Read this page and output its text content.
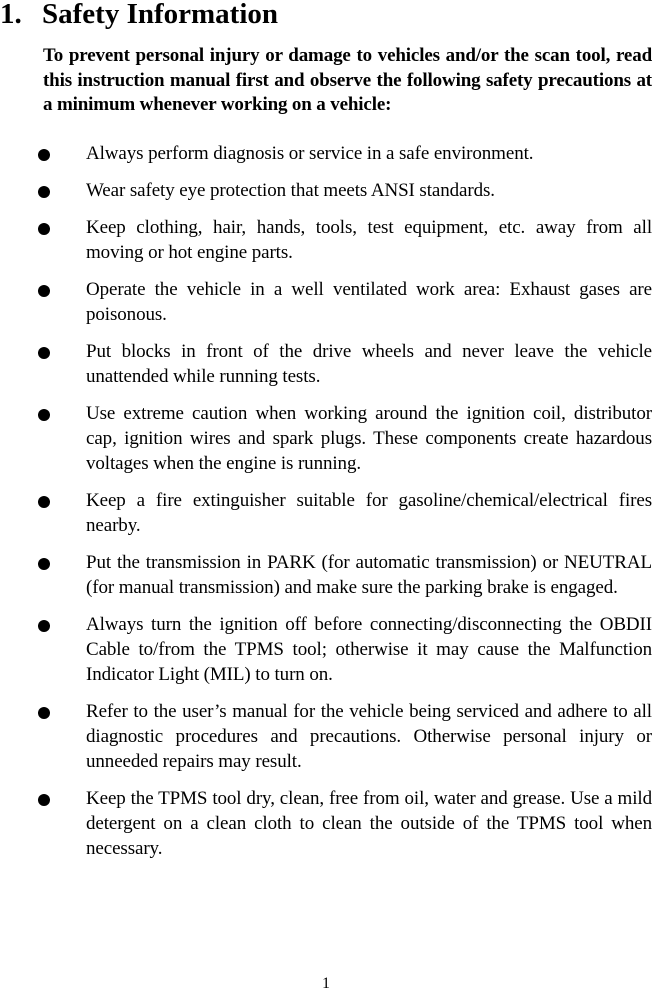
1. Safety Information

To prevent personal injury or damage to vehicles and/or the scan tool, read this instruction manual first and observe the following safety precautions at a minimum whenever working on a vehicle:

Always perform diagnosis or service in a safe environment.
Wear safety eye protection that meets ANSI standards.
Keep clothing, hair, hands, tools, test equipment, etc. away from all moving or hot engine parts.
Operate the vehicle in a well ventilated work area: Exhaust gases are poisonous.
Put blocks in front of the drive wheels and never leave the vehicle unattended while running tests.
Use extreme caution when working around the ignition coil, distributor cap, ignition wires and spark plugs. These components create hazardous voltages when the engine is running.
Keep a fire extinguisher suitable for gasoline/chemical/electrical fires nearby.
Put the transmission in PARK (for automatic transmission) or NEUTRAL (for manual transmission) and make sure the parking brake is engaged.
Always turn the ignition off before connecting/disconnecting the OBDII Cable to/from the TPMS tool; otherwise it may cause the Malfunction Indicator Light (MIL) to turn on.
Refer to the user’s manual for the vehicle being serviced and adhere to all diagnostic procedures and precautions. Otherwise personal injury or unneeded repairs may result.
Keep the TPMS tool dry, clean, free from oil, water and grease. Use a mild detergent on a clean cloth to clean the outside of the TPMS tool when necessary.
1
